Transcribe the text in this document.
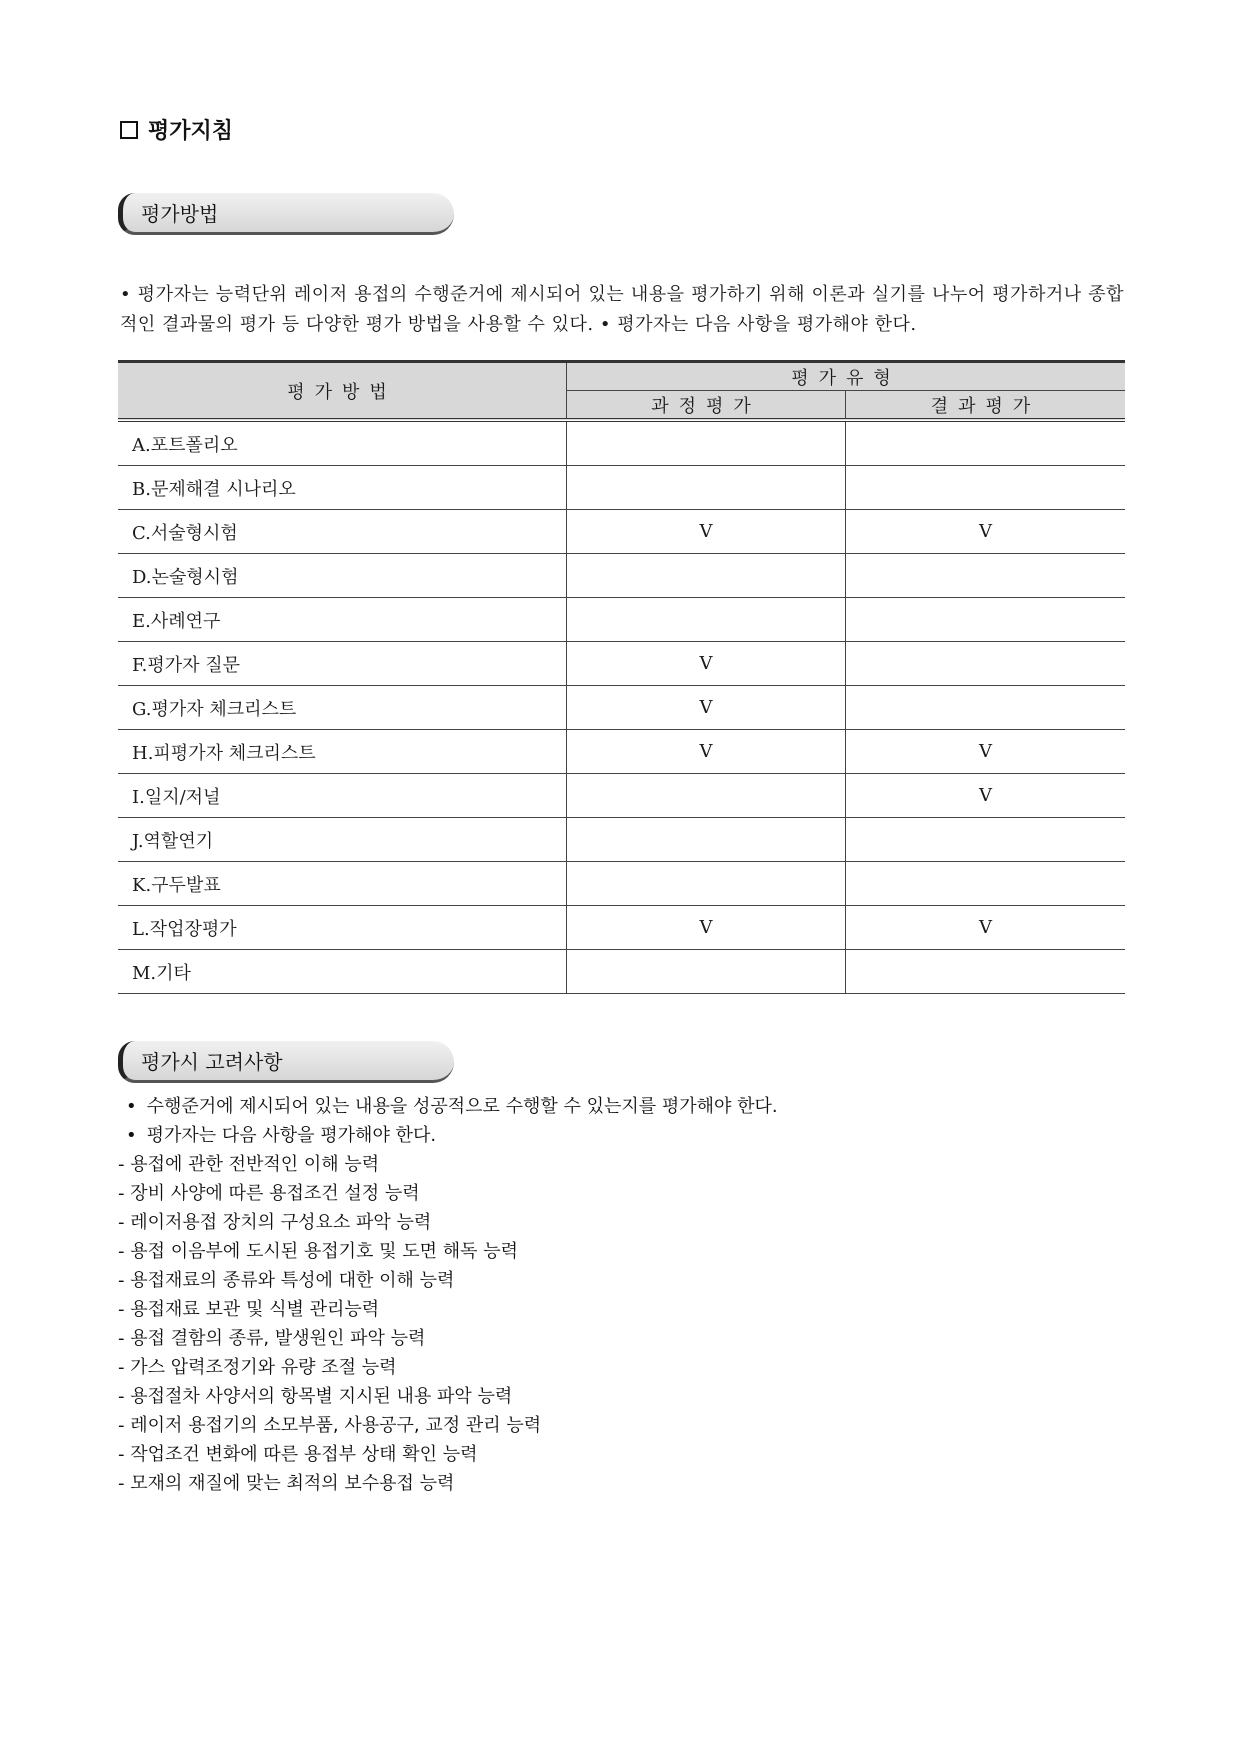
평가지침
평가방법

• 평가자는 능력단위 레이저 용접의 수행준거에 제시되어 있는 내용을 평가하기 위해 이론과 실기를 나누어 평가하거나 종합적인 결과물의 평가 등 다양한 평가 방법을 사용할 수 있다. • 평가자는 다음 사항을 평가해야 한다.

평가방법	평가유형	
	과정평가	결과평가
A.포트폴리오		
B.문제해결 시나리오		
C.서술형시험	V	V
D.논술형시험		
E.사례연구		
F.평가자 질문	V	
G.평가자 체크리스트	V	
H.피평가자 체크리스트	V	V
I.일지/저널		V
J.역할연기		
K.구두발표		
L.작업장평가	V	V
M.기타		
평가시 고려사항
• 수행준거에 제시되어 있는 내용을 성공적으로 수행할 수 있는지를 평가해야 한다.
• 평가자는 다음 사항을 평가해야 한다.
- 용접에 관한 전반적인 이해 능력
- 장비 사양에 따른 용접조건 설정 능력
- 레이저용접 장치의 구성요소 파악 능력
- 용접 이음부에 도시된 용접기호 및 도면 해독 능력
- 용접재료의 종류와 특성에 대한 이해 능력
- 용접재료 보관 및 식별 관리능력
- 용접 결함의 종류, 발생원인 파악 능력
- 가스 압력조정기와 유량 조절 능력
- 용접절차 사양서의 항목별 지시된 내용 파악 능력
- 레이저 용접기의 소모부품, 사용공구, 교정 관리 능력
- 작업조건 변화에 따른 용접부 상태 확인 능력
- 모재의 재질에 맞는 최적의 보수용접 능력
